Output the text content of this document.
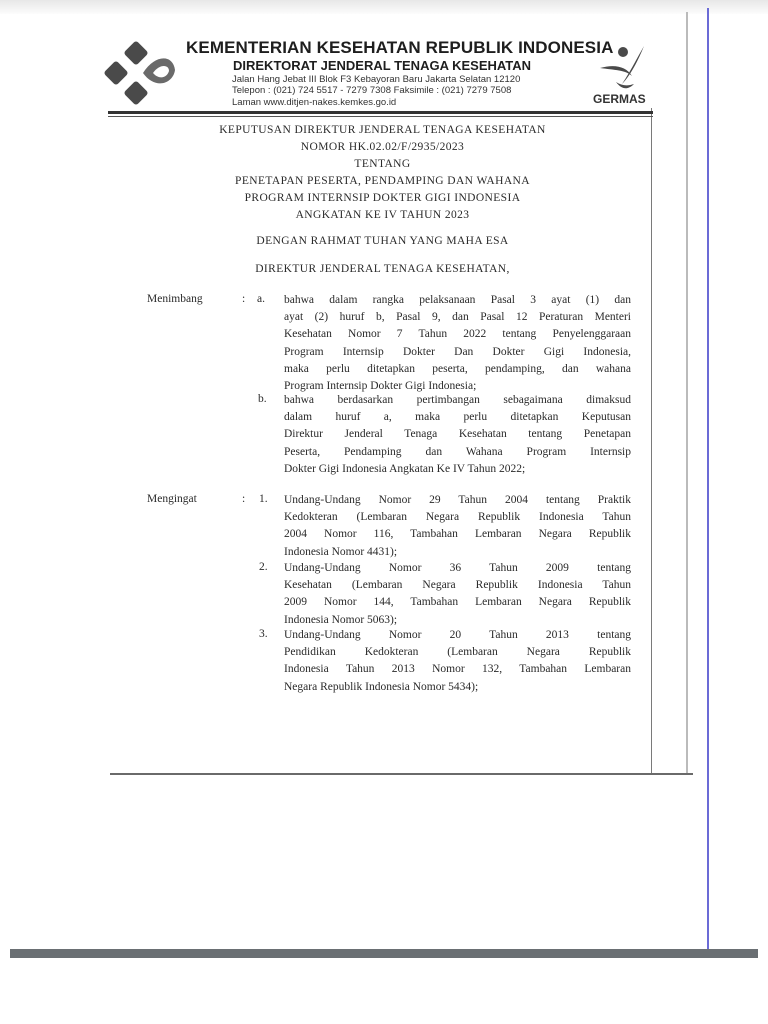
KEMENTERIAN KESEHATAN REPUBLIK INDONESIA
DIREKTORAT JENDERAL TENAGA KESEHATAN
Jalan Hang Jebat III Blok F3 Kebayoran Baru Jakarta Selatan 12120
Telepon : (021) 724 5517 - 7279 7308 Faksimile : (021) 7279 7508
Laman www.ditjen-nakes.kemkes.go.id	GERMAS
KEPUTUSAN DIREKTUR JENDERAL TENAGA KESEHATAN
NOMOR HK.02.02/F/2935/2023
TENTANG
PENETAPAN PESERTA, PENDAMPING DAN WAHANA
PROGRAM INTERNSIP DOKTER GIGI INDONESIA
ANGKATAN KE IV TAHUN 2023
DENGAN RAHMAT TUHAN YANG MAHA ESA
DIREKTUR JENDERAL TENAGA KESEHATAN,
Menimbang	: a. bahwa dalam rangka pelaksanaan Pasal 3 ayat (1) dan
ayat (2) huruf b, Pasal 9, dan Pasal 12 Peraturan Menteri
Kesehatan Nomor 7 Tahun 2022 tentang Penyelenggaraan
Program Internsip Dokter Dan Dokter Gigi Indonesia,
maka perlu ditetapkan peserta, pendamping, dan wahana
Program Internsip Dokter Gigi Indonesia;
b. bahwa berdasarkan pertimbangan sebagaimana dimaksud
dalam huruf a, maka perlu ditetapkan Keputusan
Direktur Jenderal Tenaga Kesehatan tentang Penetapan
Peserta, Pendamping dan Wahana Program Internsip
Dokter Gigi Indonesia Angkatan Ke IV Tahun 2022;
Mengingat	: 1. Undang-Undang Nomor 29 Tahun 2004 tentang Praktik
Kedokteran (Lembaran Negara Republik Indonesia Tahun
2004 Nomor 116, Tambahan Lembaran Negara Republik
Indonesia Nomor 4431);
2. Undang-Undang Nomor 36 Tahun 2009 tentang
Kesehatan (Lembaran Negara Republik Indonesia Tahun
2009 Nomor 144, Tambahan Lembaran Negara Republik
Indonesia Nomor 5063);
3. Undang-Undang Nomor 20 Tahun 2013 tentang
Pendidikan Kedokteran (Lembaran Negara Republik
Indonesia Tahun 2013 Nomor 132, Tambahan Lembaran
Negara Republik Indonesia Nomor 5434);
